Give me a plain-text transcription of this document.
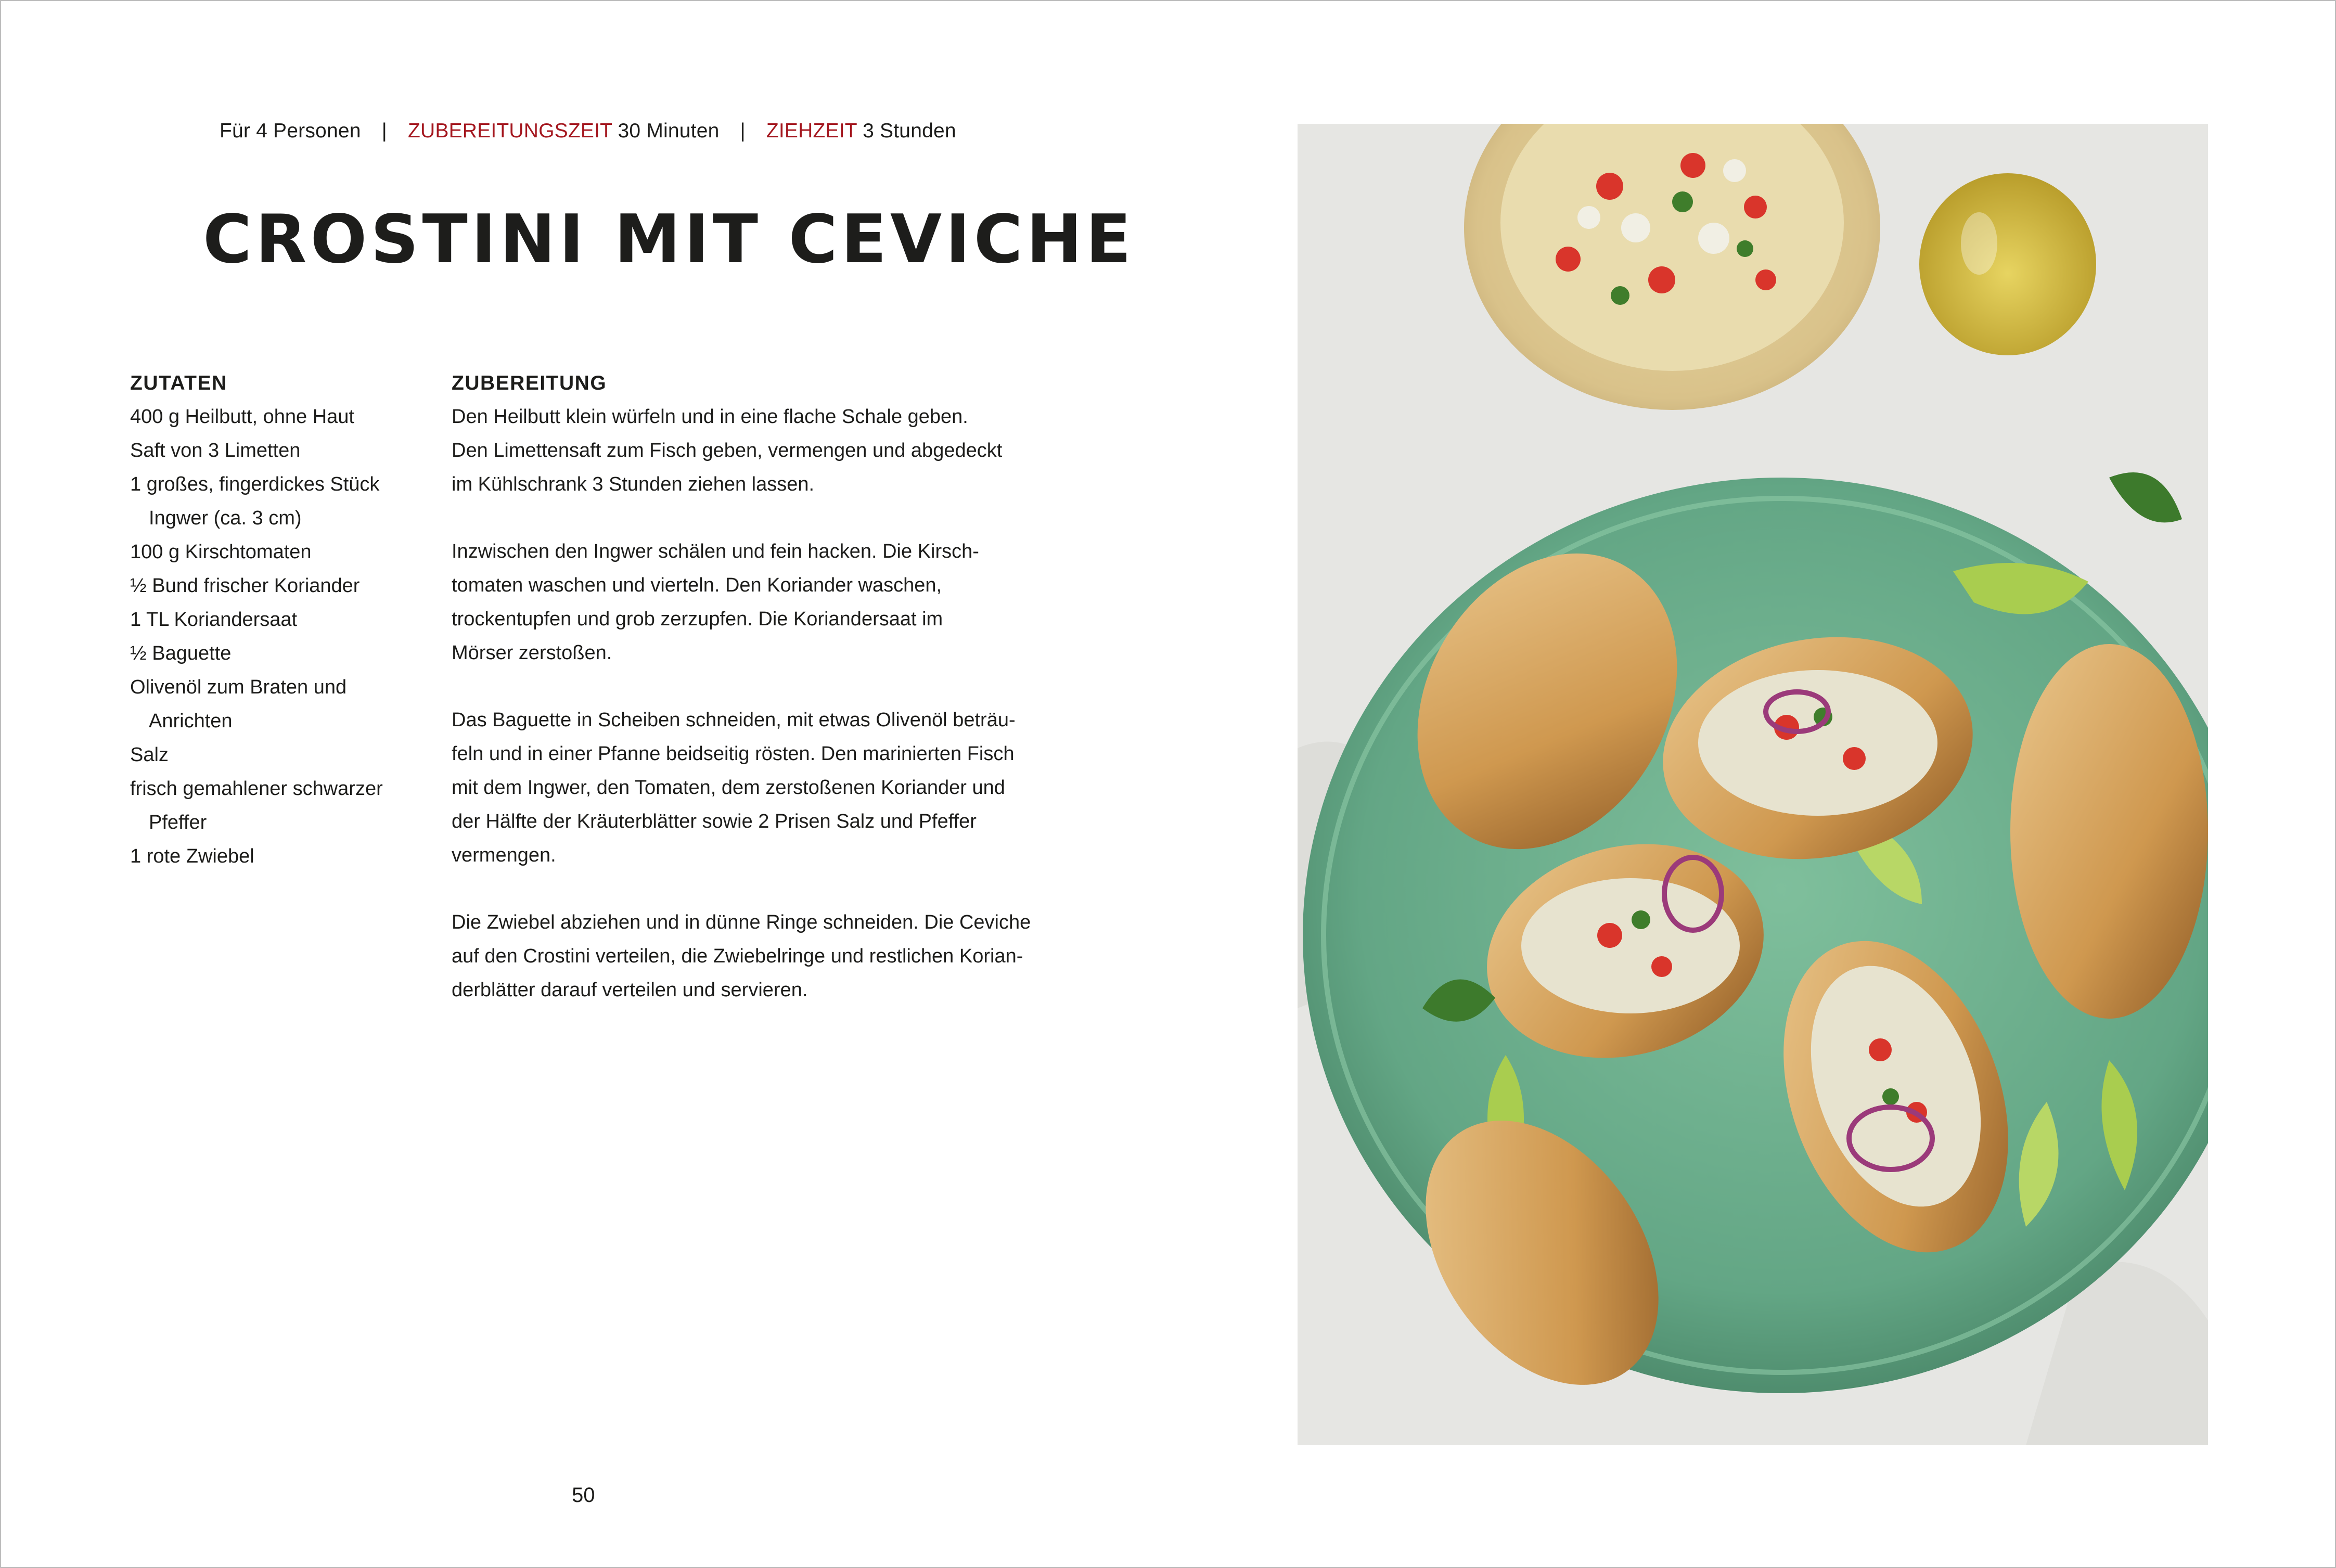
Für 4 Personen | ZUBEREITUNGSZEIT 30 Minuten | ZIEHZEIT 3 Stunden
CROSTINI MIT CEVICHE
ZUTATEN
400 g Heilbutt, ohne Haut
Saft von 3 Limetten
1 großes, fingerdickes Stück
Ingwer (ca. 3 cm)
100 g Kirschtomaten
½ Bund frischer Koriander
1 TL Koriandersaat
½ Baguette
Olivenöl zum Braten und
Anrichten
Salz
frisch gemahlener schwarzer
Pfeffer
1 rote Zwiebel
ZUBEREITUNG
Den Heilbutt klein würfeln und in eine flache Schale geben.
Den Limettensaft zum Fisch geben, vermengen und abgedeckt
im Kühlschrank 3 Stunden ziehen lassen.
Inzwischen den Ingwer schälen und fein hacken. Die Kirsch-
tomaten waschen und vierteln. Den Koriander waschen,
trockentupfen und grob zerzupfen. Die Koriandersaat im
Mörser zerstoßen.
Das Baguette in Scheiben schneiden, mit etwas Olivenöl beträu-
feln und in einer Pfanne beidseitig rösten. Den marinierten Fisch
mit dem Ingwer, den Tomaten, dem zerstoßenen Koriander und
der Hälfte der Kräuterblätter sowie 2 Prisen Salz und Pfeffer
vermengen.
Die Zwiebel abziehen und in dünne Ringe schneiden. Die Ceviche
auf den Crostini verteilen, die Zwiebelringe und restlichen Korian-
derblätter darauf verteilen und servieren.
50
